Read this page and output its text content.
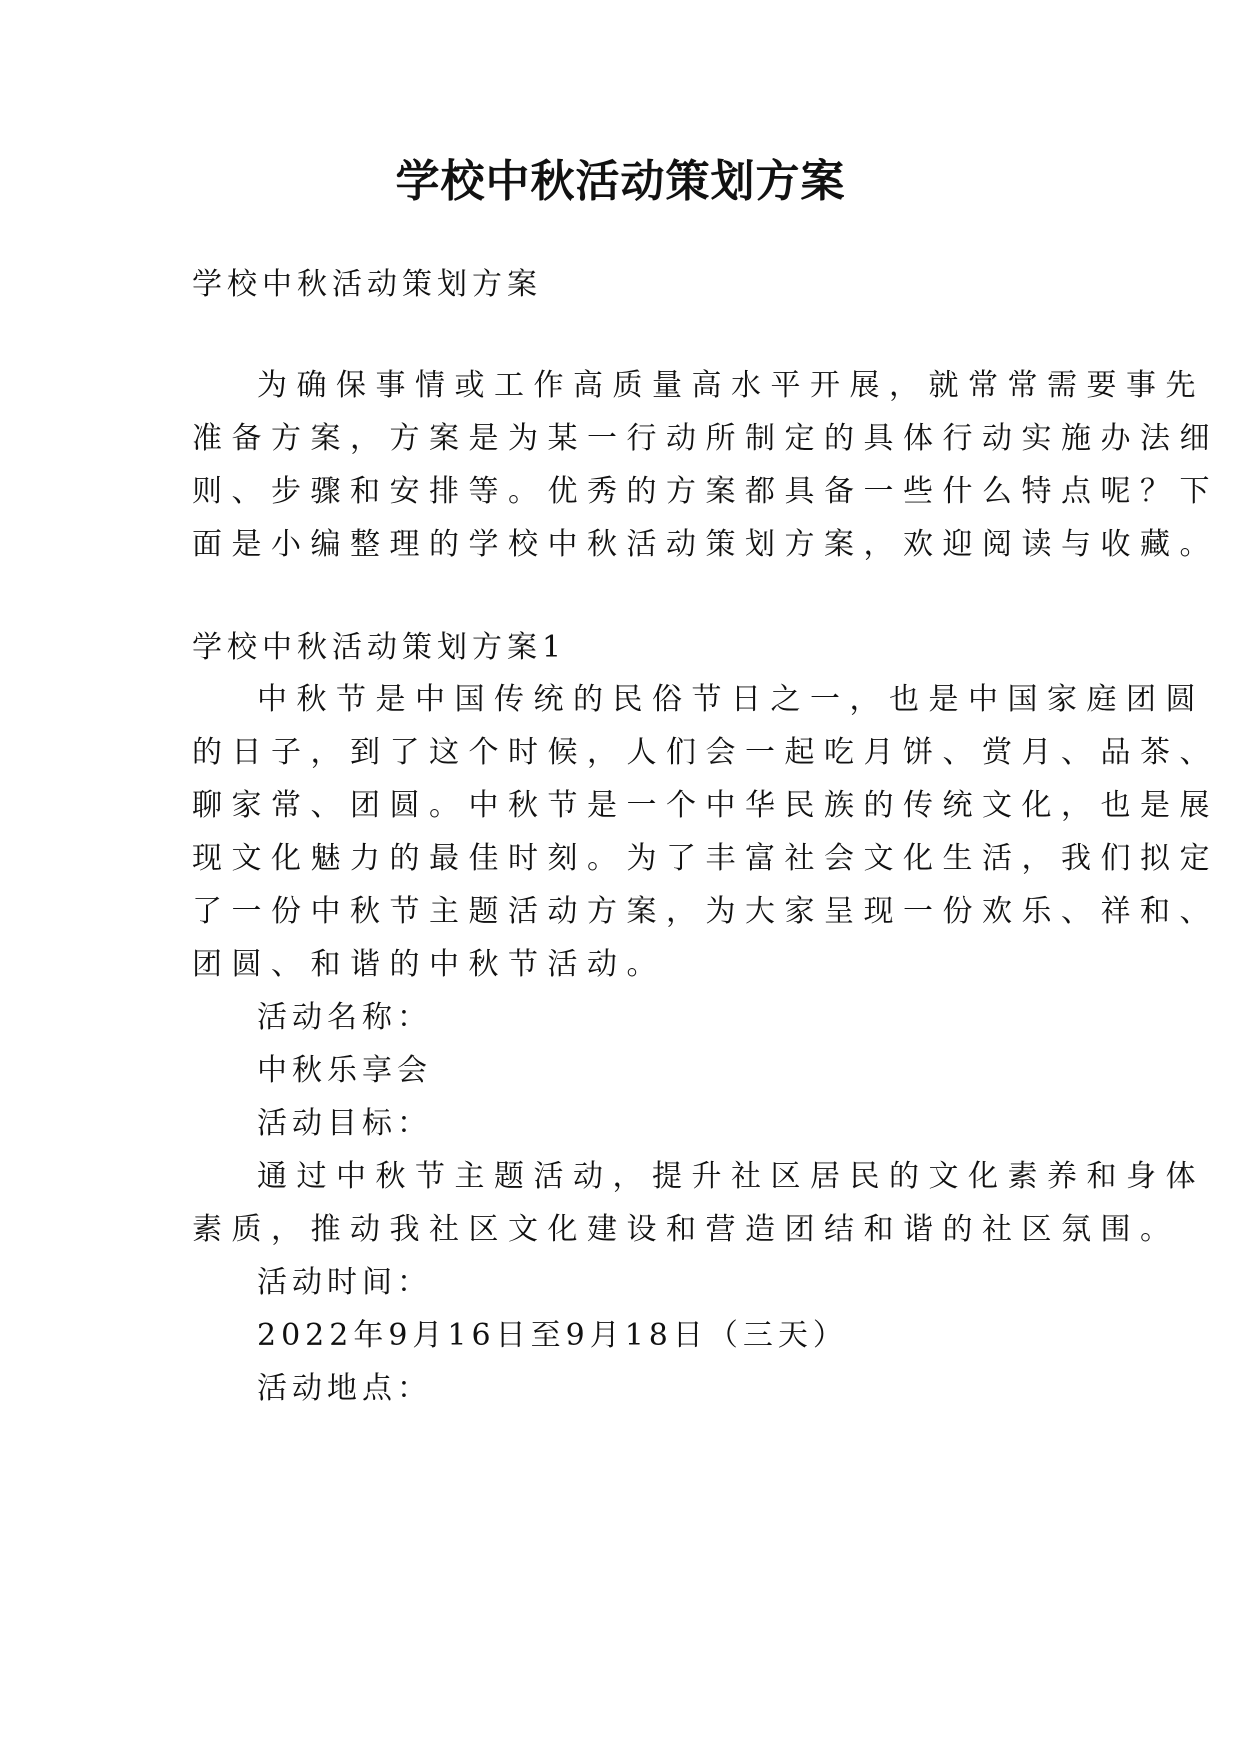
学校中秋活动策划方案

学校中秋活动策划方案

为确保事情或工作高质量高水平开展，就常常需要事先

准备方案，方案是为某一行动所制定的具体行动实施办法细

则、步骤和安排等。优秀的方案都具备一些什么特点呢？下

面是小编整理的学校中秋活动策划方案，欢迎阅读与收藏。

学校中秋活动策划方案1

中秋节是中国传统的民俗节日之一，也是中国家庭团圆

的日子，到了这个时候，人们会一起吃月饼、赏月、品茶、

聊家常、团圆。中秋节是一个中华民族的传统文化，也是展

现文化魅力的最佳时刻。为了丰富社会文化生活，我们拟定

了一份中秋节主题活动方案，为大家呈现一份欢乐、祥和、

团圆、和谐的中秋节活动。

活动名称：

中秋乐享会

活动目标：

通过中秋节主题活动，提升社区居民的文化素养和身体

素质，推动我社区文化建设和营造团结和谐的社区氛围。

活动时间：

2022年9月16日至9月18日（三天）

活动地点：
